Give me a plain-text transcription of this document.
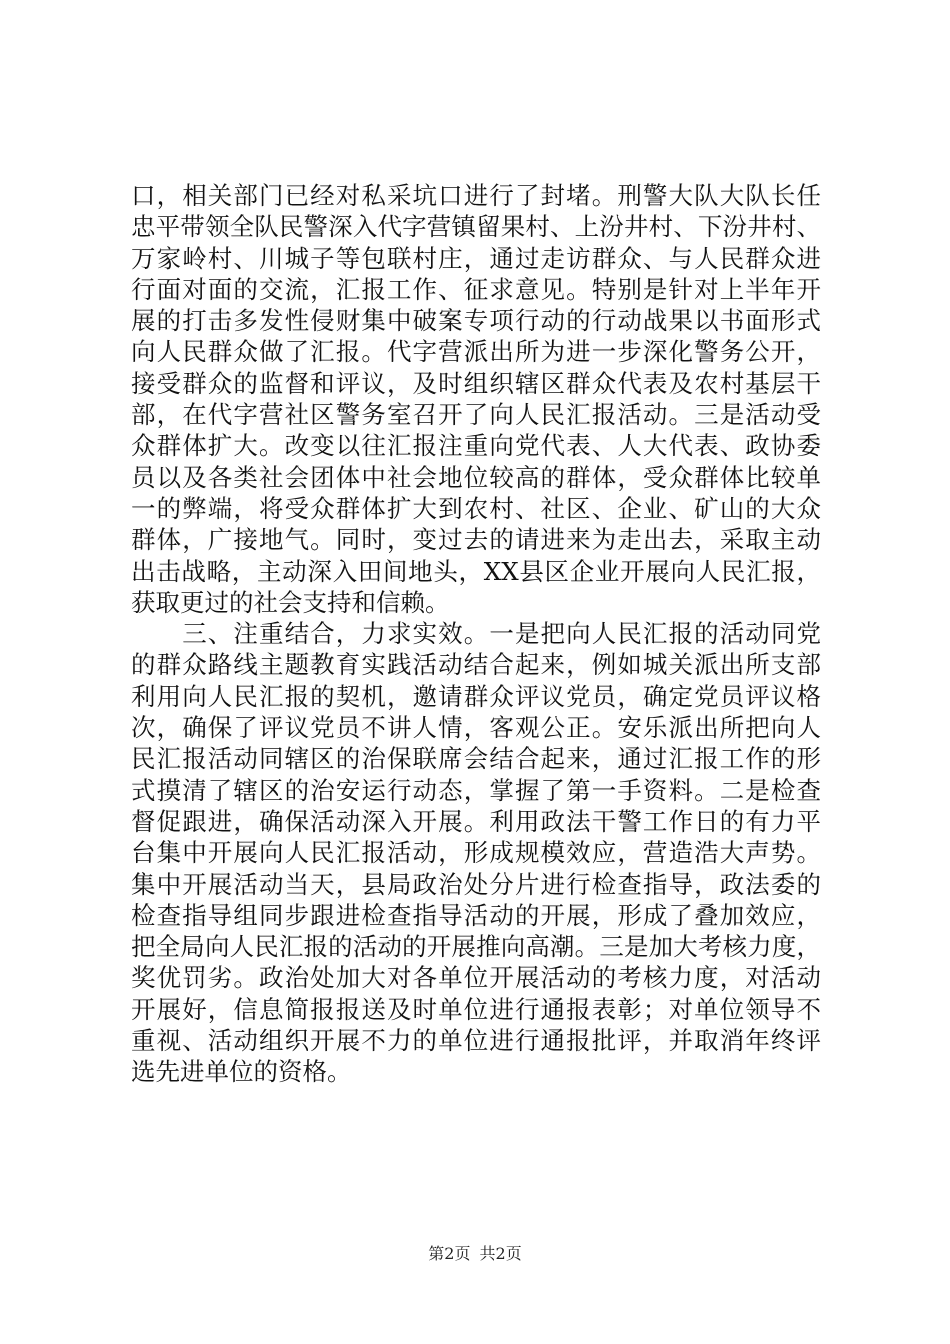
口，相关部门已经对私采坑口进行了封堵。刑警大队大队长任
忠平带领全队民警深入代字营镇留果村、上汾井村、下汾井村、
万家岭村、川城子等包联村庄，通过走访群众、与人民群众进
行面对面的交流，汇报工作、征求意见。特别是针对上半年开
展的打击多发性侵财集中破案专项行动的行动战果以书面形式
向人民群众做了汇报。代字营派出所为进一步深化警务公开，
接受群众的监督和评议，及时组织辖区群众代表及农村基层干
部，在代字营社区警务室召开了向人民汇报活动。三是活动受
众群体扩大。改变以往汇报注重向党代表、人大代表、政协委
员以及各类社会团体中社会地位较高的群体，受众群体比较单
一的弊端，将受众群体扩大到农村、社区、企业、矿山的大众
群体，广接地气。同时，变过去的请进来为走出去，采取主动
出击战略，主动深入田间地头，XX县区企业开展向人民汇报，
获取更过的社会支持和信赖。
　　三、注重结合，力求实效。一是把向人民汇报的活动同党
的群众路线主题教育实践活动结合起来，例如城关派出所支部
利用向人民汇报的契机，邀请群众评议党员，确定党员评议格
次，确保了评议党员不讲人情，客观公正。安乐派出所把向人
民汇报活动同辖区的治保联席会结合起来，通过汇报工作的形
式摸清了辖区的治安运行动态，掌握了第一手资料。二是检查
督促跟进，确保活动深入开展。利用政法干警工作日的有力平
台集中开展向人民汇报活动，形成规模效应，营造浩大声势。
集中开展活动当天，县局政治处分片进行检查指导，政法委的
检查指导组同步跟进检查指导活动的开展，形成了叠加效应，
把全局向人民汇报的活动的开展推向高潮。三是加大考核力度，
奖优罚劣。政治处加大对各单位开展活动的考核力度，对活动
开展好，信息简报报送及时单位进行通报表彰；对单位领导不
重视、活动组织开展不力的单位进行通报批评，并取消年终评
选先进单位的资格。
第2页 共2页
